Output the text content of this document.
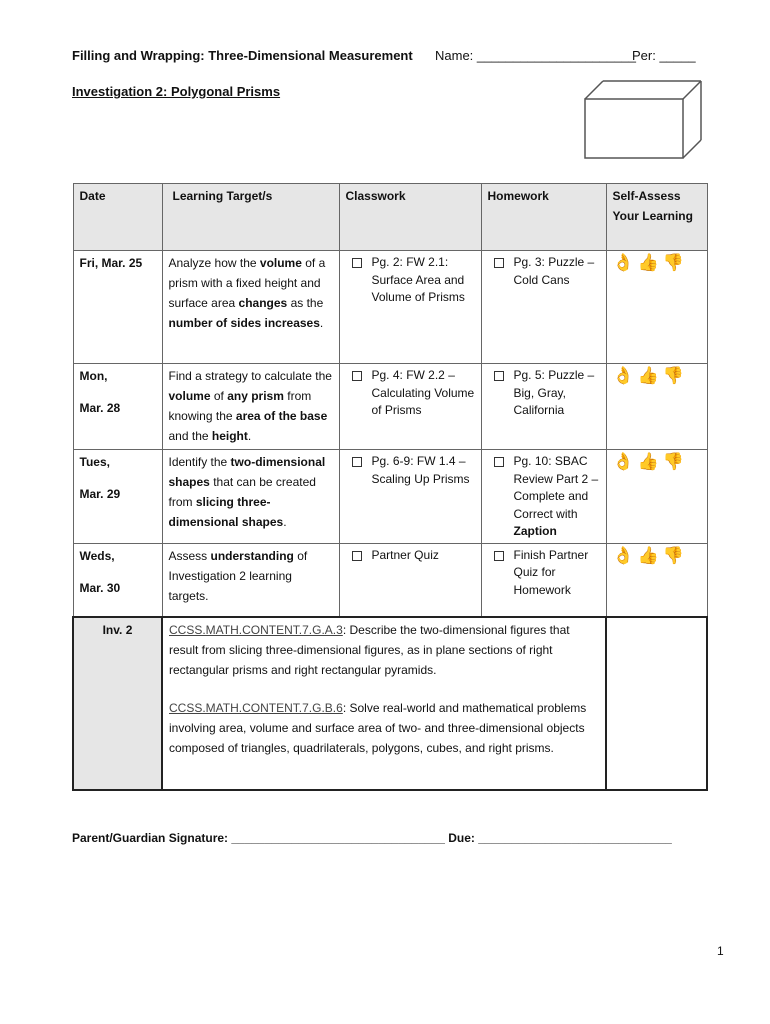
Filling and Wrapping: Three-Dimensional Measurement Name: ______________________
Per: _____
Investigation 2: Polygonal Prisms
Date	Learning Target/s	Classwork	Homework	Self-Assess Your Learning

Fri, Mar. 25	Analyze how the volume of a prism with a fixed height and surface area changes as the number of sides increases.	Pg. 2: FW 2.1: Surface Area and Volume of Prisms	Pg. 3: Puzzle – Cold Cans	👌👍👎

Mon,
Mar. 28	Find a strategy to calculate the volume of any prism from knowing the area of the base and the height.	Pg. 4: FW 2.2 – Calculating Volume of Prisms	Pg. 5: Puzzle – Big, Gray, California	👌👍👎

Tues,
Mar. 29	Identify the two-dimensional shapes that can be created from slicing three-dimensional shapes.	Pg. 6-9: FW 1.4 – Scaling Up Prisms	Pg. 10: SBAC Review Part 2 – Complete and Correct with Zaption	👌👍👎

Weds,
Mar. 30	Assess understanding of Investigation 2 learning targets.	Partner Quiz	Finish Partner Quiz for Homework	👌👍👎
Inv. 2	CCSS.MATH.CONTENT.7.G.A.3: Describe the two-dimensional figures that result from slicing three-dimensional figures, as in plane sections of right rectangular prisms and right rectangular pyramids.

CCSS.MATH.CONTENT.7.G.B.6: Solve real-world and mathematical problems involving area, volume and surface area of two- and three-dimensional objects composed of triangles, quadrilaterals, polygons, cubes, and right prisms.			

Parent/Guardian Signature: ________________________________ Due: _____________________________
1
